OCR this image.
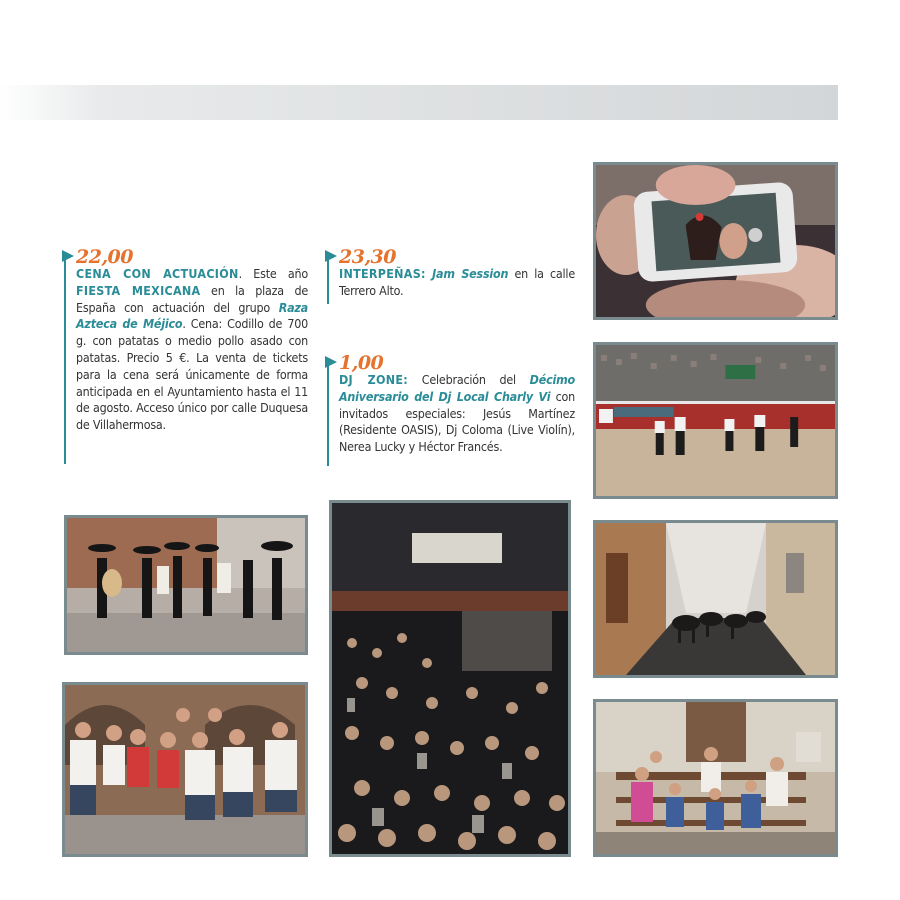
22,00

CENA CON ACTUACIÓN. Este año FIESTA MEXICANA en la plaza de España con actuación del grupo Raza Azteca de Méjico. Cena: Codillo de 700 g. con patatas o medio pollo asado con patatas. Precio 5 €. La venta de tickets para la cena será únicamente de forma anticipada en el Ayuntamiento hasta el 11 de agosto. Acceso único por calle Duquesa de Villahermosa.

23,30

INTERPEÑAS: Jam Session en la calle Terrero Alto.

1,00

DJ ZONE: Celebración del Décimo Aniversario del Dj Local Charly Vi con invitados especiales: Jesús Martínez (Residente OASIS), Dj Coloma (Live Violín), Nerea Lucky y Héctor Francés.
